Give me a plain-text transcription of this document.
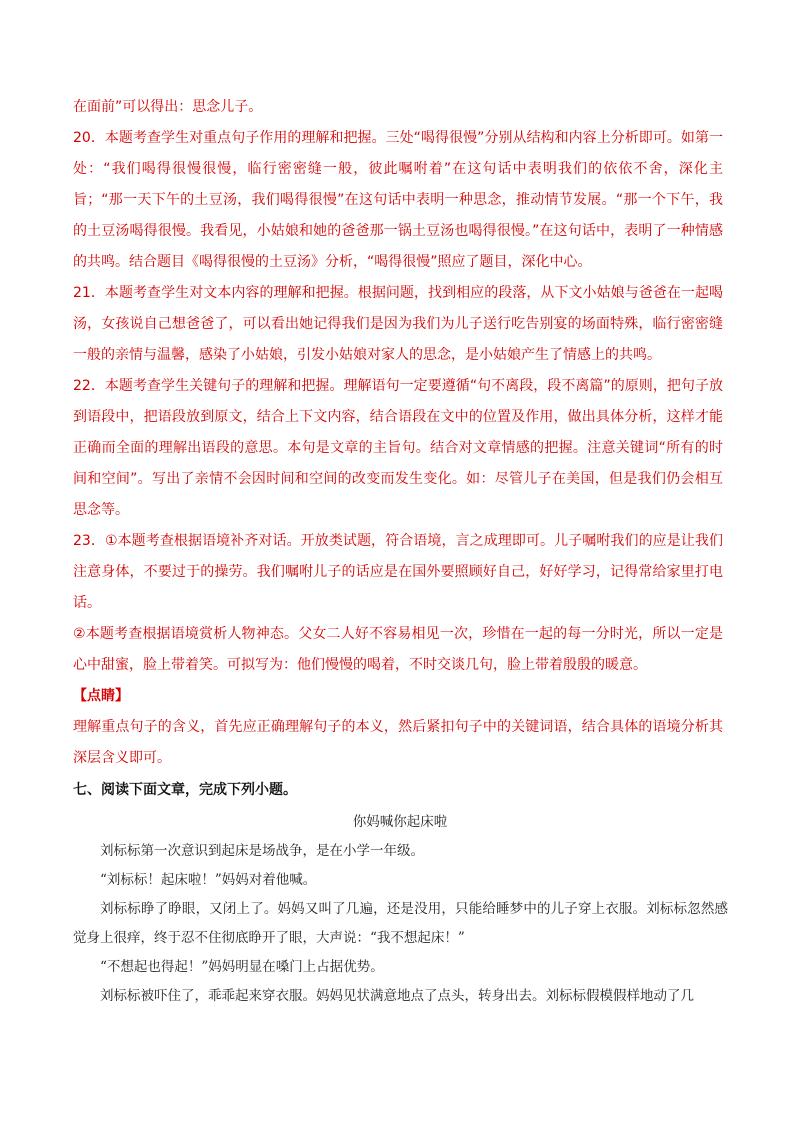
在面前”可以得出：思念儿子。

20．本题考查学生对重点句子作用的理解和把握。三处“喝得很慢”分别从结构和内容上分析即可。如第一处：“我们喝得很慢很慢，临行密密缝一般，彼此嘱咐着”在这句话中表明我们的依依不舍，深化主旨；“那一天下午的土豆汤，我们喝得很慢”在这句话中表明一种思念，推动情节发展。“那一个下午，我的土豆汤喝得很慢。我看见，小姑娘和她的爸爸那一锅土豆汤也喝得很慢。”在这句话中，表明了一种情感的共鸣。结合题目《喝得很慢的土豆汤》分析，“喝得很慢”照应了题目，深化中心。

21．本题考查学生对文本内容的理解和把握。根据问题，找到相应的段落，从下文小姑娘与爸爸在一起喝汤，女孩说自己想爸爸了，可以看出她记得我们是因为我们为儿子送行吃告别宴的场面特殊，临行密密缝一般的亲情与温馨，感染了小姑娘，引发小姑娘对家人的思念，是小姑娘产生了情感上的共鸣。

22．本题考查学生关键句子的理解和把握。理解语句一定要遵循“句不离段，段不离篇”的原则，把句子放到语段中，把语段放到原文，结合上下文内容，结合语段在文中的位置及作用，做出具体分析，这样才能正确而全面的理解出语段的意思。本句是文章的主旨句。结合对文章情感的把握。注意关键词“所有的时间和空间”。写出了亲情不会因时间和空间的改变而发生变化。如：尽管儿子在美国，但是我们仍会相互思念等。

23．①本题考查根据语境补齐对话。开放类试题，符合语境，言之成理即可。儿子嘱咐我们的应是让我们注意身体，不要过于的操劳。我们嘱咐儿子的话应是在国外要照顾好自己，好好学习，记得常给家里打电话。

②本题考查根据语境赏析人物神态。父女二人好不容易相见一次，珍惜在一起的每一分时光，所以一定是心中甜蜜，脸上带着笑。可拟写为：他们慢慢的喝着，不时交谈几句，脸上带着殷殷的暖意。

【点睛】

理解重点句子的含义，首先应正确理解句子的本义，然后紧扣句子中的关键词语，结合具体的语境分析其深层含义即可。

七、阅读下面文章，完成下列小题。
你妈喊你起床啦

刘标标第一次意识到起床是场战争，是在小学一年级。

“刘标标！起床啦！”妈妈对着他喊。

刘标标睁了睁眼，又闭上了。妈妈又叫了几遍，还是没用，只能给睡梦中的儿子穿上衣服。刘标标忽然感觉身上很痒，终于忍不住彻底睁开了眼，大声说：“我不想起床！”

“不想起也得起！”妈妈明显在嗓门上占据优势。

刘标标被吓住了，乖乖起来穿衣服。妈妈见状满意地点了点头，转身出去。刘标标假模假样地动了几
